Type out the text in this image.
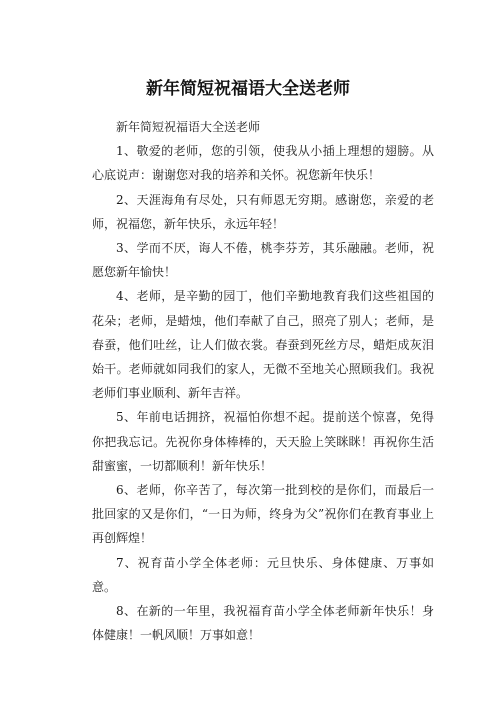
新年简短祝福语大全送老师

新年简短祝福语大全送老师

1、敬爱的老师，您的引领，使我从小插上理想的翅膀。从心底说声：谢谢您对我的培养和关怀。祝您新年快乐！

2、天涯海角有尽处，只有师恩无穷期。感谢您，亲爱的老师，祝福您，新年快乐，永远年轻！

3、学而不厌，诲人不倦，桃李芬芳，其乐融融。老师，祝愿您新年愉快！

4、老师，是辛勤的园丁，他们辛勤地教育我们这些祖国的花朵；老师，是蜡烛，他们奉献了自己，照亮了别人；老师，是春蚕，他们吐丝，让人们做衣裳。春蚕到死丝方尽，蜡炬成灰泪始干。老师就如同我们的家人，无微不至地关心照顾我们。我祝老师们事业顺利、新年吉祥。

5、年前电话拥挤，祝福怕你想不起。提前送个惊喜，免得你把我忘记。先祝你身体棒棒的，天天脸上笑眯眯！再祝你生活甜蜜蜜，一切都顺利！新年快乐！

6、老师，你辛苦了，每次第一批到校的是你们，而最后一批回家的又是你们，“一日为师，终身为父”祝你们在教育事业上再创辉煌！

7、祝育苗小学全体老师：元旦快乐、身体健康、万事如意。

8、在新的一年里，我祝福育苗小学全体老师新年快乐！身体健康！一帆风顺！万事如意！
